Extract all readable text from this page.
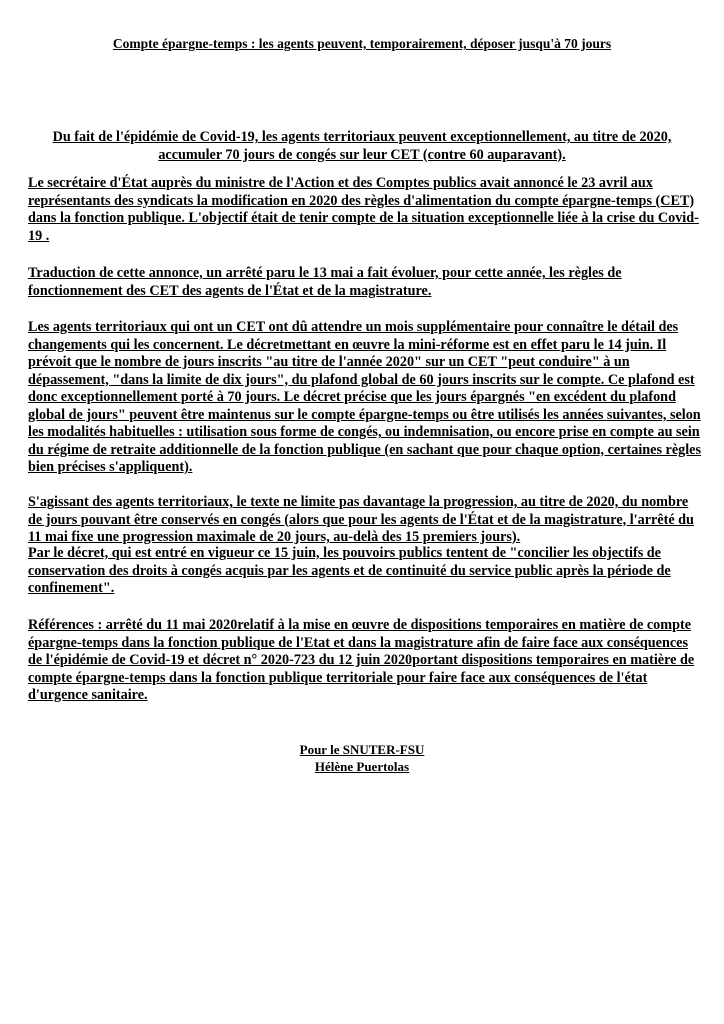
Compte épargne-temps : les agents peuvent, temporairement, déposer jusqu'à 70 jours
Du fait de l'épidémie de Covid-19, les agents territoriaux peuvent exceptionnellement, au titre de 2020, accumuler 70 jours de congés sur leur CET (contre 60 auparavant).
Le secrétaire d'État auprès du ministre de l'Action et des Comptes publics avait annoncé le 23 avril aux représentants des syndicats la modification en 2020 des règles d'alimentation du compte épargne-temps (CET) dans la fonction publique. L'objectif était de tenir compte de la situation exceptionnelle liée à la crise du Covid-19 .
Traduction de cette annonce, un arrêté paru le 13 mai a fait évoluer, pour cette année, les règles de fonctionnement des CET des agents de l'État et de la magistrature.
Les agents territoriaux qui ont un CET ont dû attendre un mois supplémentaire pour connaître le détail des changements qui les concernent. Le décretmettant en œuvre la mini-réforme est en effet paru le 14 juin. Il prévoit que le nombre de jours inscrits "au titre de l'année 2020" sur un CET "peut conduire" à un dépassement, "dans la limite de dix jours", du plafond global de 60 jours inscrits sur le compte. Ce plafond est donc exceptionnellement porté à 70 jours. Le décret précise que les jours épargnés "en excédent du plafond global de jours" peuvent être maintenus sur le compte épargne-temps ou être utilisés les années suivantes, selon les modalités habituelles : utilisation sous forme de congés, ou indemnisation, ou encore prise en compte au sein du régime de retraite additionnelle de la fonction publique (en sachant que pour chaque option, certaines règles bien précises s'appliquent).
S'agissant des agents territoriaux, le texte ne limite pas davantage la progression, au titre de 2020, du nombre de jours pouvant être conservés en congés (alors que pour les agents de l'État et de la magistrature, l'arrêté du 11 mai fixe une progression maximale de 20 jours, au-delà des 15 premiers jours).
Par le décret, qui est entré en vigueur ce 15 juin, les pouvoirs publics tentent de "concilier les objectifs de conservation des droits à congés acquis par les agents et de continuité du service public après la période de confinement".
Références : arrêté du 11 mai 2020relatif à la mise en œuvre de dispositions temporaires en matière de compte épargne-temps dans la fonction publique de l'Etat et dans la magistrature afin de faire face aux conséquences de l'épidémie de Covid-19 et décret n° 2020-723 du 12 juin 2020portant dispositions temporaires en matière de compte épargne-temps dans la fonction publique territoriale pour faire face aux conséquences de l'état d'urgence sanitaire.
Pour le SNUTER-FSU
Hélène Puertolas
